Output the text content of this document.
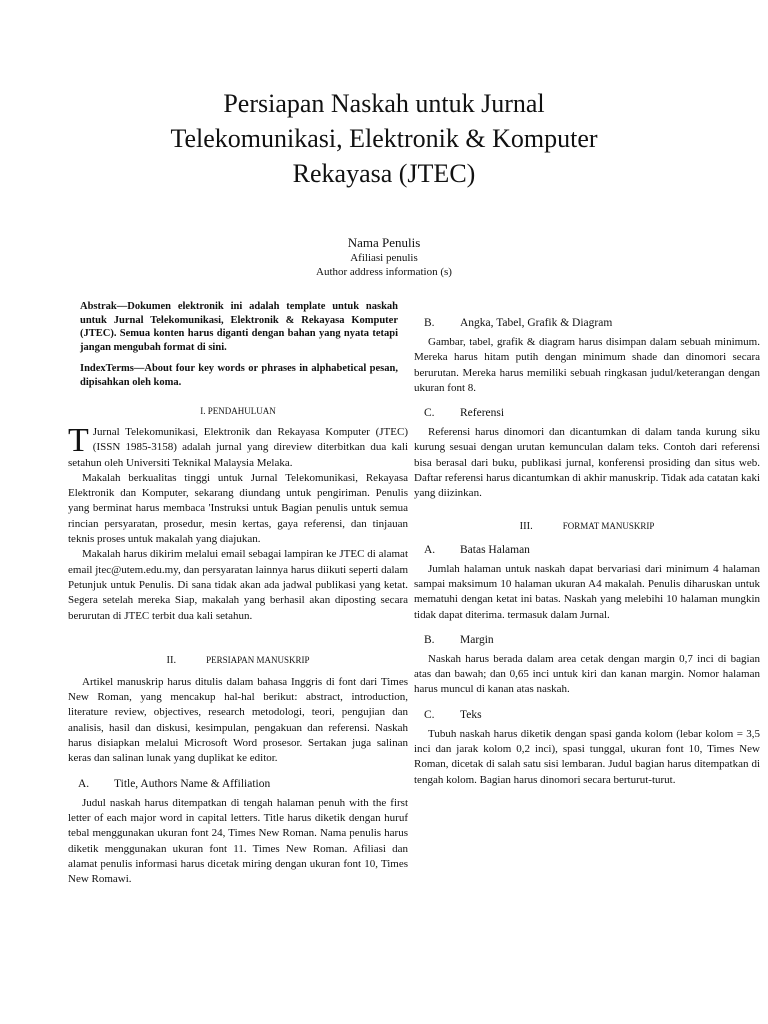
Persiapan Naskah untuk Jurnal
Telekomunikasi, Elektronik & Komputer
Rekayasa (JTEC)
Nama Penulis
Afiliasi penulis
Author address information (s)

Abstrak—Dokumen elektronik ini adalah template untuk naskah untuk Jurnal Telekomunikasi, Elektronik & Rekayasa Komputer (JTEC). Semua konten harus diganti dengan bahan yang nyata tetapi jangan mengubah format di sini.

IndexTerms—About four key words or phrases in alphabetical pesan, dipisahkan oleh koma.

I. PENDAHULUAN

T Jurnal Telekomunikasi, Elektronik dan Rekayasa Komputer (JTEC) (ISSN 1985-3158) adalah jurnal yang direview diterbitkan dua kali setahun oleh Universiti Teknikal Malaysia Melaka.

Makalah berkualitas tinggi untuk Jurnal Telekomunikasi, Rekayasa Elektronik dan Komputer, sekarang diundang untuk pengiriman. Penulis yang berminat harus membaca 'Instruksi untuk Bagian penulis untuk semua rincian persyaratan, prosedur, mesin kertas, gaya referensi, dan tinjauan teknis proses untuk makalah yang diajukan.

Makalah harus dikirim melalui email sebagai lampiran ke JTEC di alamat email jtec@utem.edu.my, dan persyaratan lainnya harus diikuti seperti dalam Petunjuk untuk Penulis. Di sana tidak akan ada jadwal publikasi yang ketat. Segera setelah mereka Siap, makalah yang berhasil akan diposting secara berurutan di JTEC terbit dua kali setahun.

II.	PERSIAPAN MANUSKRIP

Artikel manuskrip harus ditulis dalam bahasa Inggris di font dari Times New Roman, yang mencakup hal-hal berikut: abstract, introduction, literature review, objectives, research metodologi, teori, pengujian dan analisis, hasil dan diskusi, kesimpulan, pengakuan dan referensi. Naskah harus disiapkan melalui Microsoft Word prosesor. Sertakan juga salinan keras dan salinan lunak yang duplikat ke editor.

A. Title, Authors Name & Affiliation

Judul naskah harus ditempatkan di tengah halaman penuh with the first letter of each major word in capital letters. Title harus diketik dengan huruf tebal menggunakan ukuran font 24, Times New Roman. Nama penulis harus diketik menggunakan ukuran font 11. Times New Roman. Afiliasi dan alamat penulis informasi harus dicetak miring dengan ukuran font 10, Times New Romawi.

B. Angka, Tabel, Grafik & Diagram

Gambar, tabel, grafik & diagram harus disimpan dalam sebuah minimum. Mereka harus hitam putih dengan minimum shade dan dinomori secara berurutan. Mereka harus memiliki sebuah ringkasan judul/keterangan dengan ukuran font 8.

C. Referensi

Referensi harus dinomori dan dicantumkan di dalam tanda kurung siku kurung sesuai dengan urutan kemunculan dalam teks. Contoh dari referensi bisa berasal dari buku, publikasi jurnal, konferensi prosiding dan situs web. Daftar referensi harus dicantumkan di akhir manuskrip. Tidak ada catatan kaki yang diizinkan.

III.	FORMAT MANUSKRIP
A. Batas Halaman

Jumlah halaman untuk naskah dapat bervariasi dari minimum 4 halaman sampai maksimum 10 halaman ukuran A4 makalah. Penulis diharuskan untuk mematuhi dengan ketat ini batas. Naskah yang melebihi 10 halaman mungkin tidak dapat diterima. termasuk dalam Jurnal.

B. Margin

Naskah harus berada dalam area cetak dengan margin 0,7 inci di bagian atas dan bawah; dan 0,65 inci untuk kiri dan kanan margin. Nomor halaman harus muncul di kanan atas naskah.

C. Teks

Tubuh naskah harus diketik dengan spasi ganda kolom (lebar kolom = 3,5 inci dan jarak kolom 0,2 inci), spasi tunggal, ukuran font 10, Times New Roman, dicetak di salah satu sisi lembaran. Judul bagian harus ditempatkan di tengah kolom. Bagian harus dinomori secara berturut-turut.
